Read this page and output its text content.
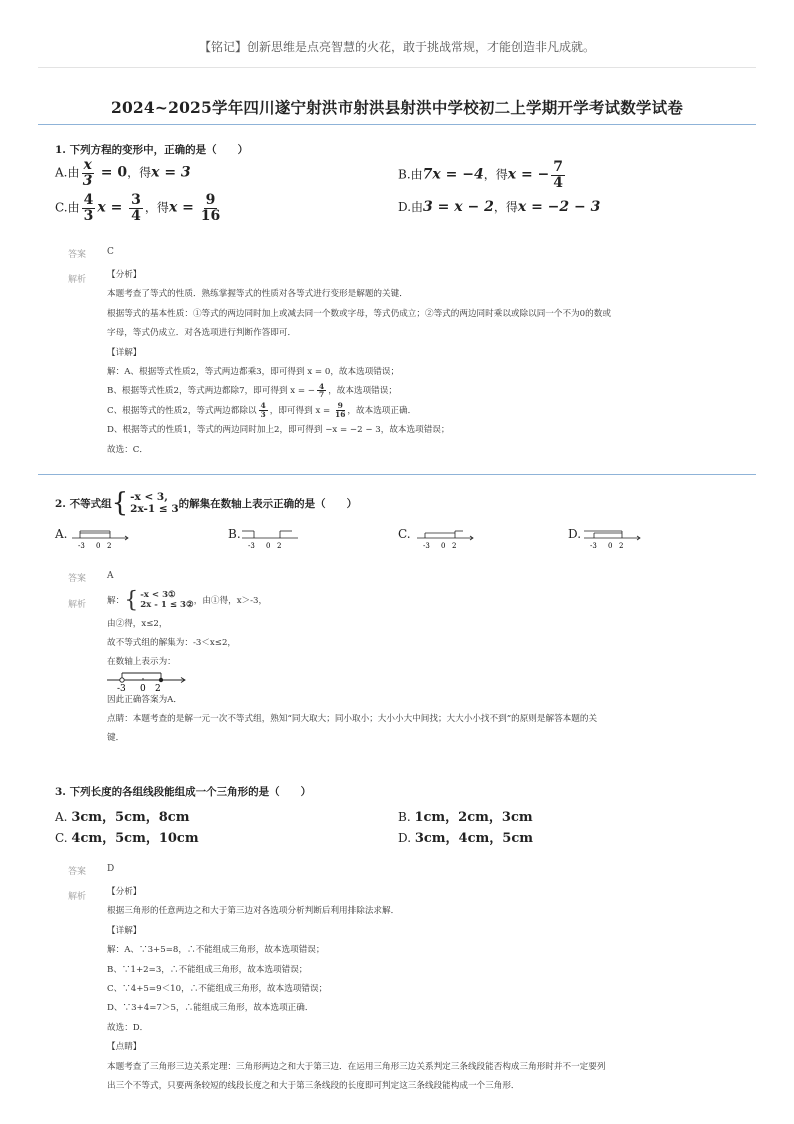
【铭记】创新思维是点亮智慧的火花，敢于挑战常规，才能创造非凡成就。
2024~2025学年四川遂宁射洪市射洪县射洪中学校初二上学期开学考试数学试卷
1. 下列方程的变形中，正确的是（　　）
A.由 $\frac{x}{3} = 0$，得x = 3	B.由7x = −4，得x = − $\frac{7}{4}$
C.由 $\frac{4}{3}$ $x = \frac{3}{4}$ ，得$x = \frac{9}{16}$	D.由3 = x − 2，得x = −2 − 3
答案 C
解析 【分析】
本题考查了等式的性质．熟练掌握等式的性质对各等式进行变形是解题的关键．
根据等式的基本性质：①等式的两边同时加上或减去同一个数或字母，等式仍成立；②等式的两边同时乘以或除以同一个不为0的数或
字母，等式仍成立．对各选项进行判断作答即可．
【详解】
解：A、根据等式性质2，等式两边都乘3，即可得到 x = 0，故本选项错误；
B、根据等式性质2，等式两边都除7，即可得到 x = − $\frac{4}{7}$ ，故本选项错误；
C、根据等式的性质2，等式两边都除以 $\frac{4}{3}$ ，即可得到 $x = \frac{9}{16}$ ，故本选项正确．
D、根据等式的性质1，等式的两边同时加上2，即可得到 −x = −2 − 3，故本选项错误；
故选：C．
2. 不等式组 { -x < 3,
2x-1 ≤ 3 的解集在数轴上表示正确的是（　　）
A.
-3 0 2
B.
-3 0 2
C.
-3 0 2
D.
-3 0 2
答案 A
解析 解： { -x < 3①
2x - 1 ≤ 3② ，由①得，x＞-3，
由②得，x≤2，
故不等式组的解集为：-3＜x≤2，
在数轴上表示为：
-3 0 2
因此正确答案为A．
点睛：本题考查的是解一元一次不等式组，熟知“同大取大；同小取小；大小小大中间找；大大小小找不到”的原则是解答本题的关
键．
3. 下列长度的各组线段能组成一个三角形的是（　　）
A. 3cm，5cm，8cm	B. 1cm，2cm，3cm
C. 4cm，5cm，10cm	D. 3cm，4cm，5cm
答案 D
解析 【分析】
根据三角形的任意两边之和大于第三边对各选项分析判断后利用排除法求解．
【详解】
解：A、∵3+5=8，∴不能组成三角形，故本选项错误；
B、∵1+2=3，∴不能组成三角形，故本选项错误；
C、∵4+5=9＜10，∴不能组成三角形，故本选项错误；
D、∵3+4=7＞5，∴能组成三角形，故本选项正确．
故选：D．
【点睛】
本题考查了三角形三边关系定理：三角形两边之和大于第三边．在运用三角形三边关系判定三条线段能否构成三角形时并不一定要列
出三个不等式，只要两条较短的线段长度之和大于第三条线段的长度即可判定这三条线段能构成一个三角形．
